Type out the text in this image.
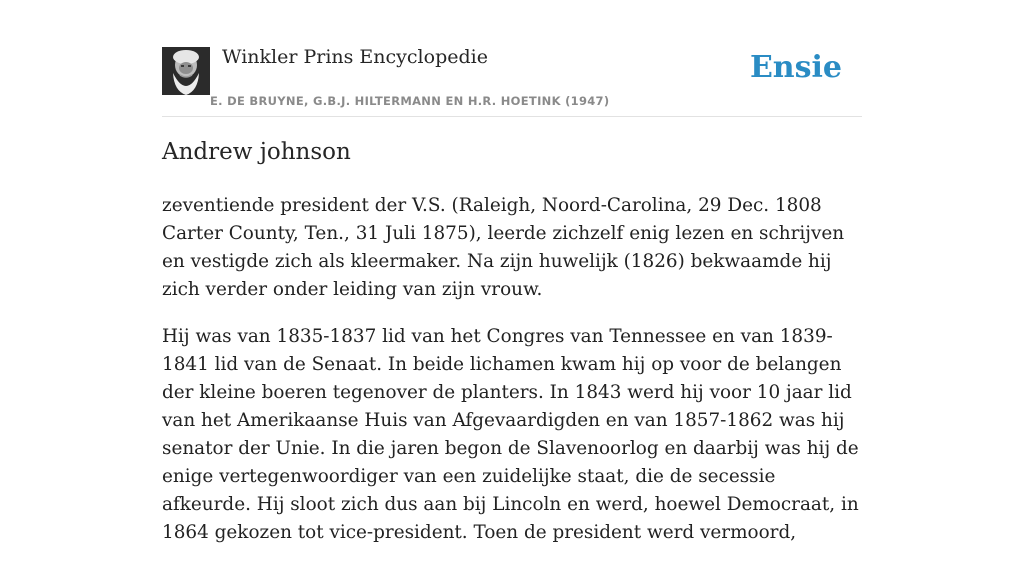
Winkler Prins Encyclopedie
E. DE BRUYNE, G.B.J. HILTERMANN EN H.R. HOETINK (1947)
Ensie
Andrew johnson

zeventiende president der V.S. (Raleigh, Noord-Carolina, 29 Dec. 1808 Carter County, Ten., 31 Juli 1875), leerde zichzelf enig lezen en schrijven en vestigde zich als kleermaker. Na zijn huwelijk (1826) bekwaamde hij zich verder onder leiding van zijn vrouw.

Hij was van 1835-1837 lid van het Congres van Tennessee en van 1839-1841 lid van de Senaat. In beide lichamen kwam hij op voor de belangen der kleine boeren tegenover de planters. In 1843 werd hij voor 10 jaar lid van het Amerikaanse Huis van Afgevaardigden en van 1857-1862 was hij senator der Unie. In die jaren begon de Slavenoorlog en daarbij was hij de enige vertegenwoordiger van een zuidelijke staat, die de secessie afkeurde. Hij sloot zich dus aan bij Lincoln en werd, hoewel Democraat, in 1864 gekozen tot vice-president. Toen de president werd vermoord,
